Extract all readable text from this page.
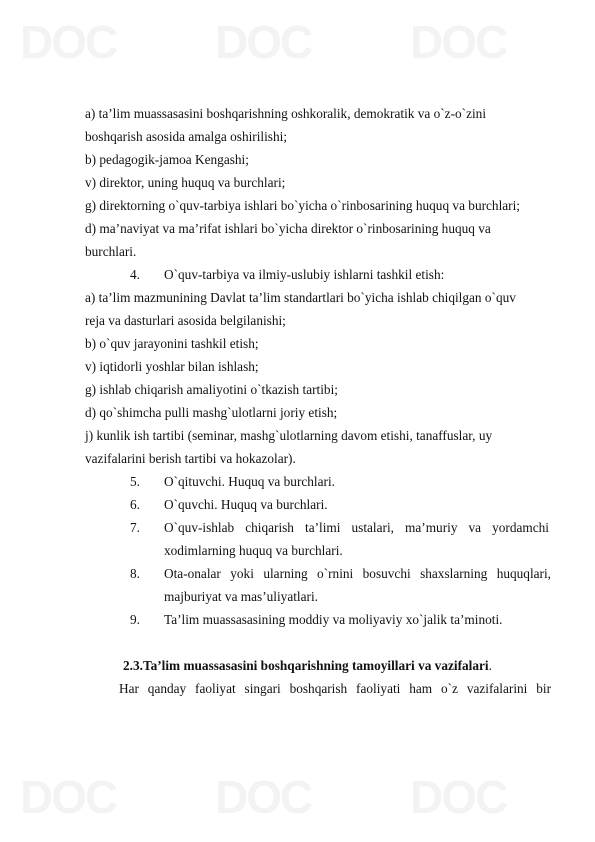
DOC DOC DOC
DOC DOC DOC
a) ta’lim muassasasini boshqarishning oshkoralik, demokratik va o`z-o`zini
boshqarish asosida amalga oshirilishi;
b) pedagogik-jamoa Kengashi;
v) direktor, uning huquq va burchlari;
g) direktorning o`quv-tarbiya ishlari bo`yicha o`rinbosarining huquq va burchlari;
d) ma’naviyat va ma’rifat ishlari bo`yicha direktor o`rinbosarining huquq va
burchlari.
4. O`quv-tarbiya va ilmiy-uslubiy ishlarni tashkil etish:
a) ta’lim mazmunining Davlat ta’lim standartlari bo`yicha ishlab chiqilgan o`quv
reja va dasturlari asosida belgilanishi;
b) o`quv jarayonini tashkil etish;
v) iqtidorli yoshlar bilan ishlash;
g) ishlab chiqarish amaliyotini o`tkazish tartibi;
d) qo`shimcha pulli mashg`ulotlarni joriy etish;
j) kunlik ish tartibi (seminar, mashg`ulotlarning davom etishi, tanaffuslar, uy
vazifalarini berish tartibi va hokazolar).
5. O`qituvchi. Huquq va burchlari.
6. O`quvchi. Huquq va burchlari.
7. O`quv-ishlab chiqarish ta’limi ustalari, ma’muriy va yordamchi
xodimlarning huquq va burchlari.
8. Ota-onalar yoki ularning o`rnini bosuvchi shaxslarning huquqlari,
majburiyat va mas’uliyatlari.
9. Ta’lim muassasasining moddiy va moliyaviy xo`jalik ta’minoti.
2.3.Ta’lim muassasasini boshqarishning tamoyillari va vazifalari.
Har qanday faoliyat singari boshqarish faoliyati ham o`z vazifalarini bir
